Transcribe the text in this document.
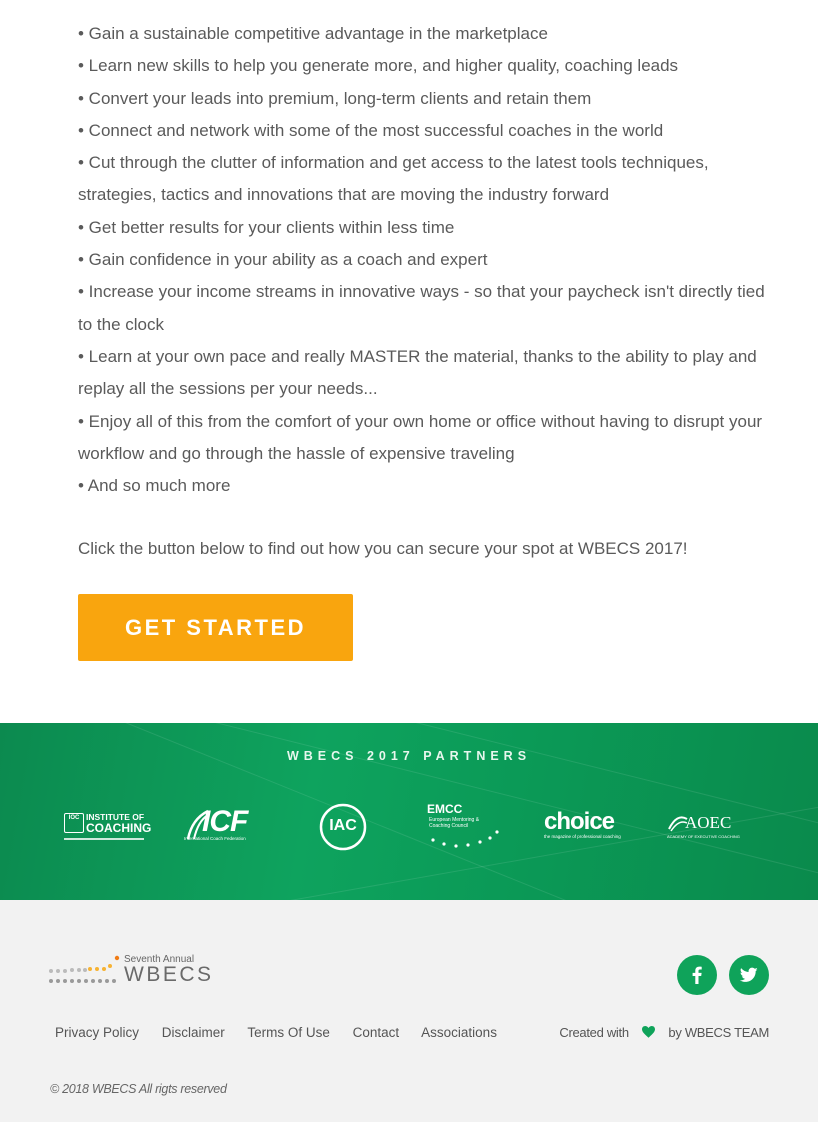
• Gain a sustainable competitive advantage in the marketplace
• Learn new skills to help you generate more, and higher quality, coaching leads
• Convert your leads into premium, long-term clients and retain them
• Connect and network with some of the most successful coaches in the world
• Cut through the clutter of information and get access to the latest tools techniques, strategies, tactics and innovations that are moving the industry forward
• Get better results for your clients within less time
• Gain confidence in your ability as a coach and expert
• Increase your income streams in innovative ways - so that your paycheck isn't directly tied to the clock
• Learn at your own pace and really MASTER the material, thanks to the ability to play and replay all the sessions per your needs...
• Enjoy all of this from the comfort of your own home or office without having to disrupt your workflow and go through the hassle of expensive traveling
• And so much more

Click the button below to find out how you can secure your spot at WBECS 2017!

GET STARTED
WBECS 2017 PARTNERS
IOC INSTITUTE OF
COACHING ICF
International Coach Federation
IAC
EMCC
European Mentoring &
Coaching Council	choice
the magazine of professional coaching
AOEC
ACADEMY OF EXECUTIVE COACHING
Seventh Annual
WBECS
Privacy Policy Disclaimer Terms Of Use Contact Associations	Created with	by WBECS TEAM
© 2018 WBECS All rigts reserved
